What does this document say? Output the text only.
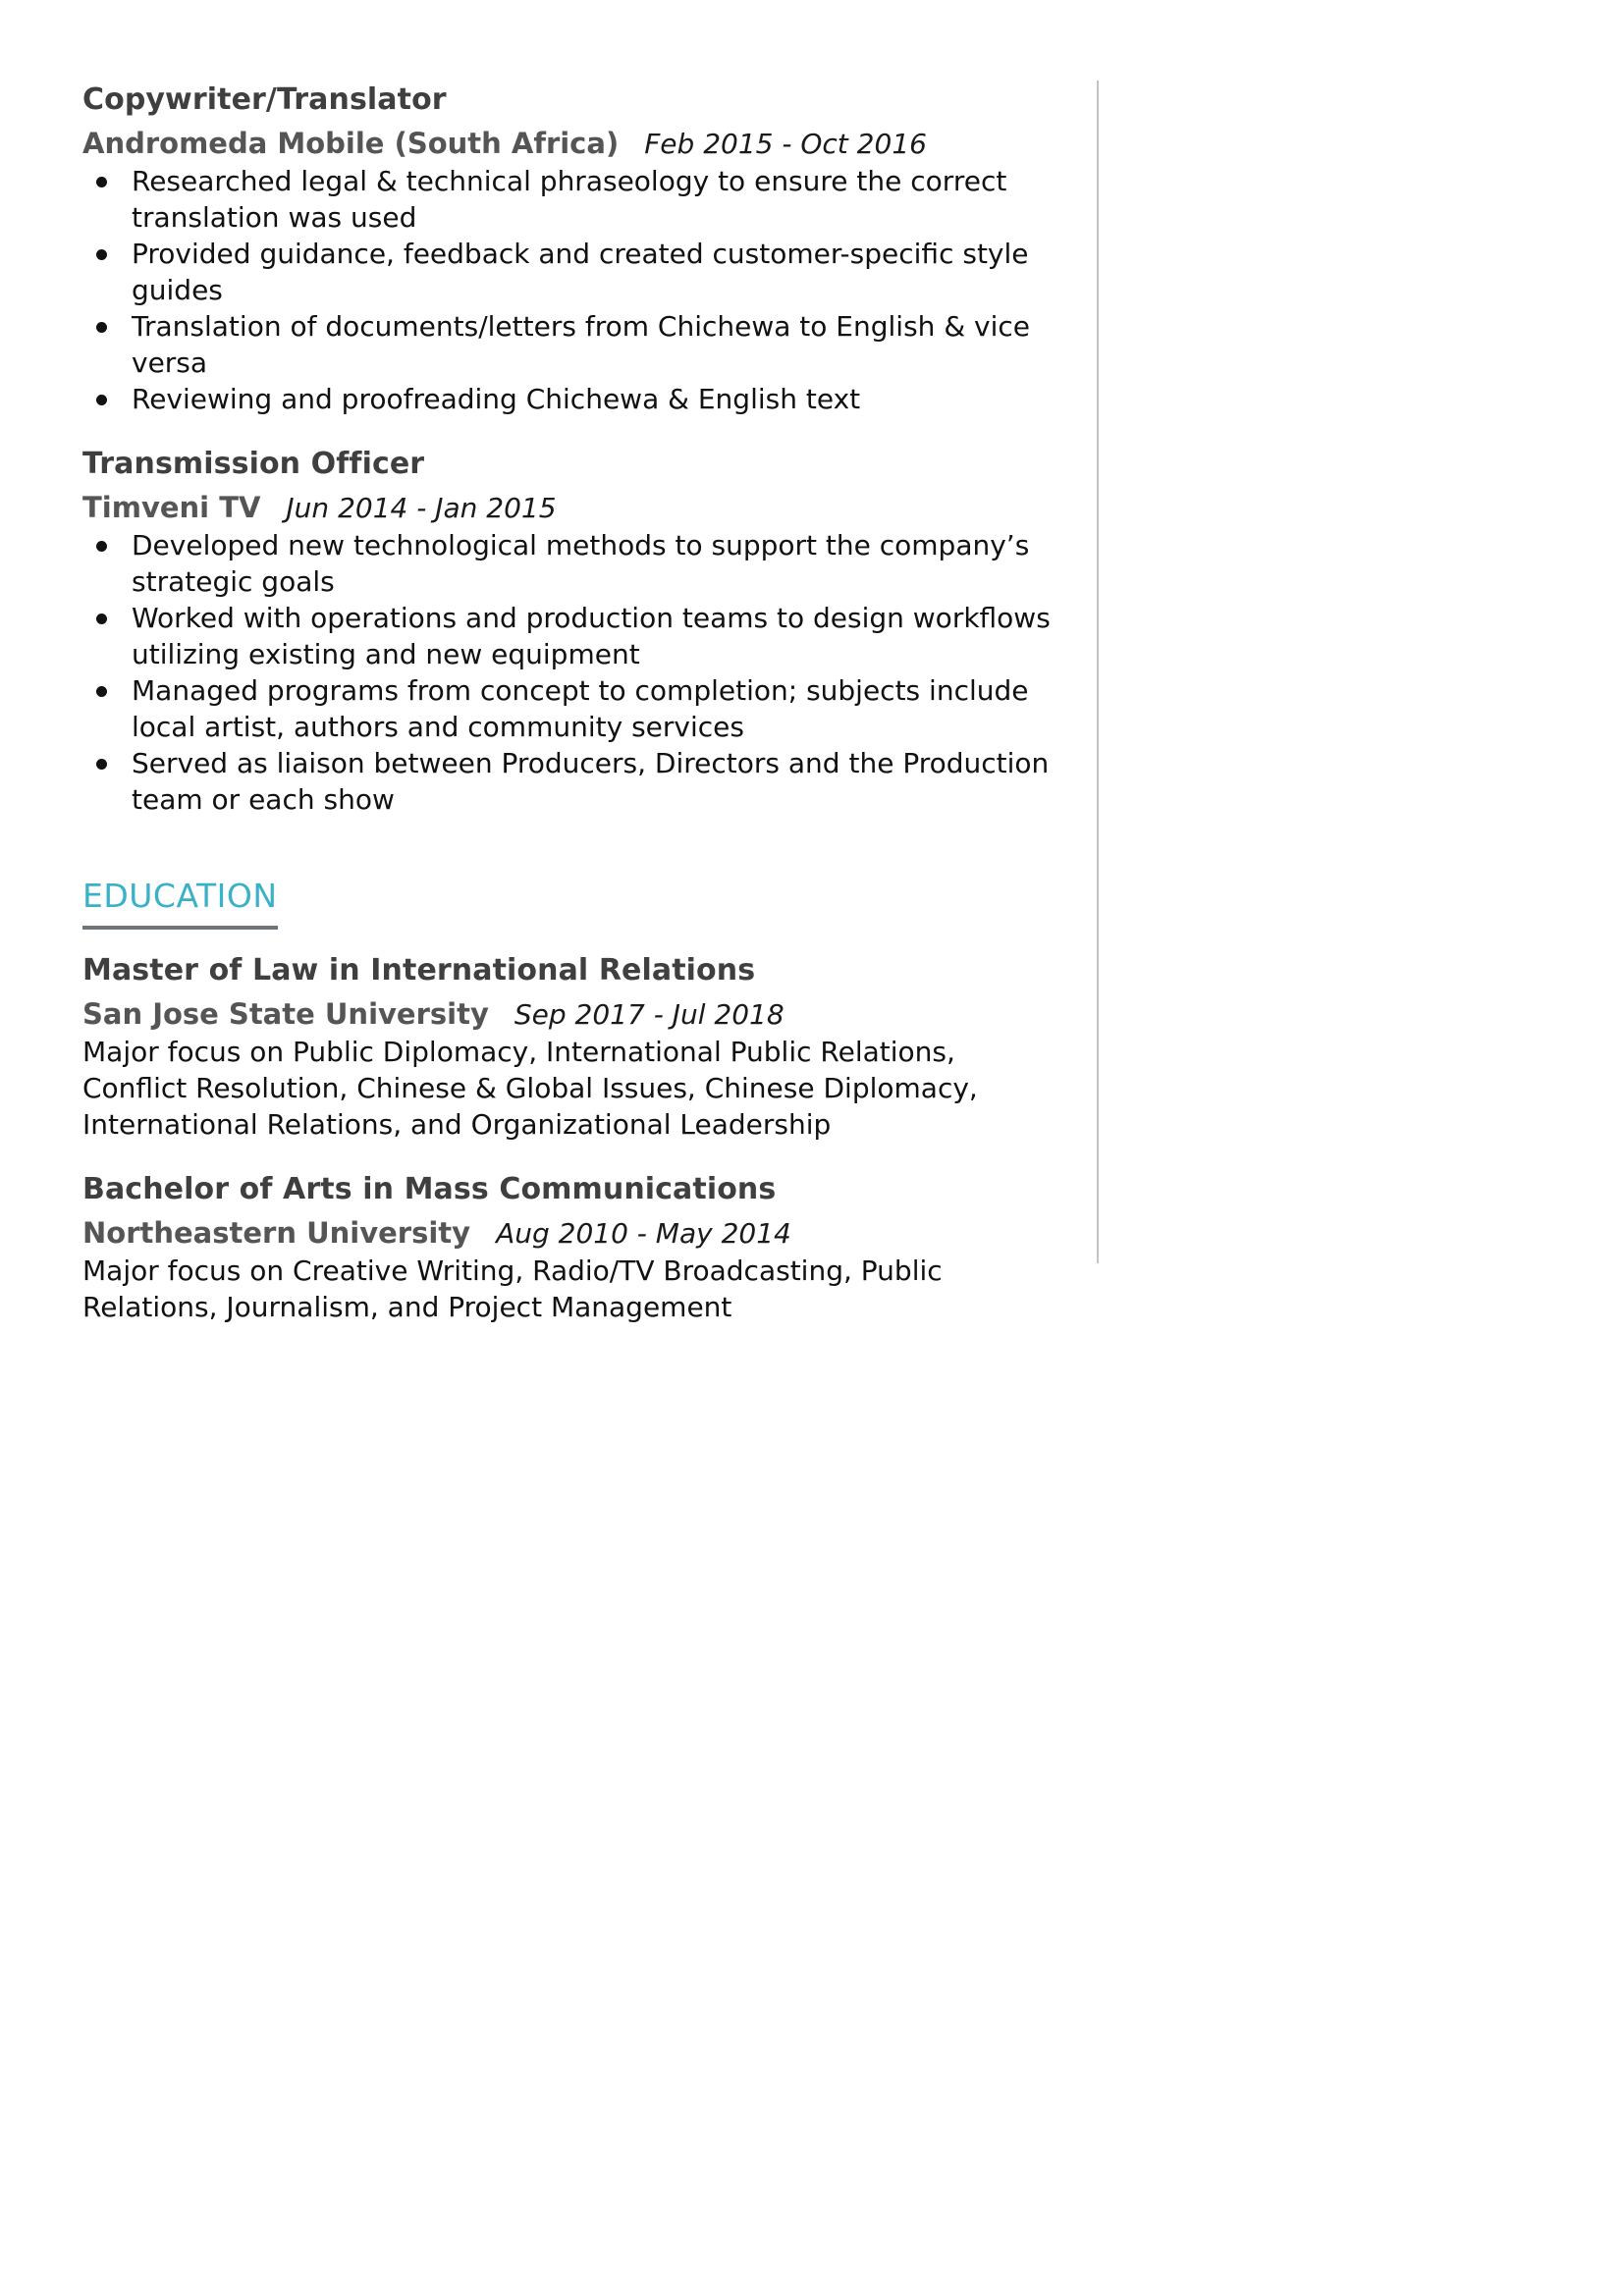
Copywriter/Translator
Andromeda Mobile (South Africa) Feb 2015 - Oct 2016
Researched legal & technical phraseology to ensure the correct translation was used
Provided guidance, feedback and created customer-specific style guides
Translation of documents/letters from Chichewa to English & vice versa
Reviewing and proofreading Chichewa & English text
Transmission Officer
Timveni TV Jun 2014 - Jan 2015
Developed new technological methods to support the company’s strategic goals
Worked with operations and production teams to design workflows utilizing existing and new equipment
Managed programs from concept to completion; subjects include local artist, authors and community services
Served as liaison between Producers, Directors and the Production team or each show
EDUCATION
Master of Law in International Relations
San Jose State University Sep 2017 - Jul 2018

Major focus on Public Diplomacy, International Public Relations, Conflict Resolution, Chinese & Global Issues, Chinese Diplomacy, International Relations, and Organizational Leadership

Bachelor of Arts in Mass Communications
Northeastern University Aug 2010 - May 2014

Major focus on Creative Writing, Radio/TV Broadcasting, Public Relations, Journalism, and Project Management
